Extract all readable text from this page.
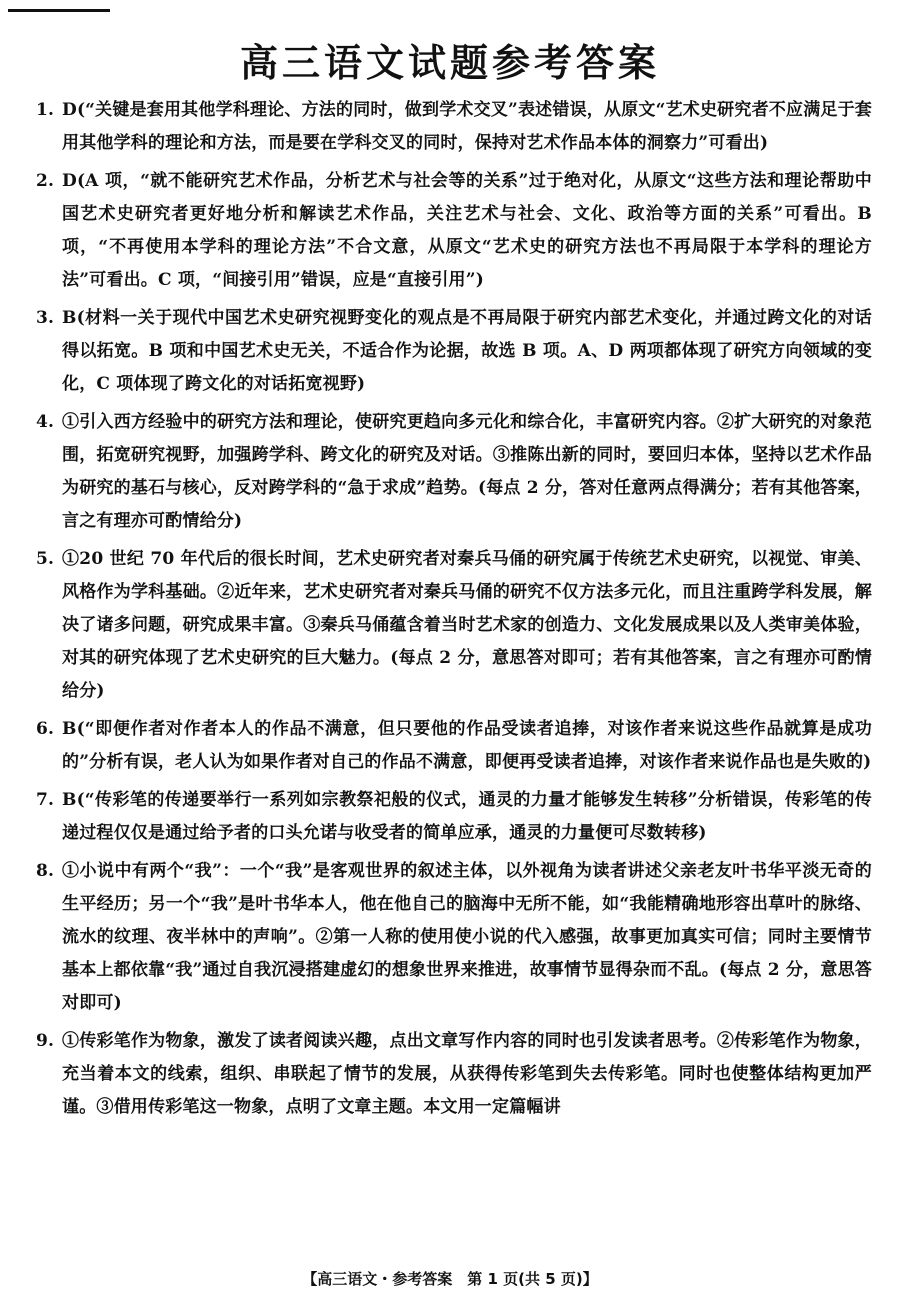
高三语文试题参考答案
1. D(“关键是套用其他学科理论、方法的同时，做到学术交叉”表述错误，从原文“艺术史研究者不应满足于套用其他学科的理论和方法，而是要在学科交叉的同时，保持对艺术作品本体的洞察力”可看出)
2. D(A 项，“就不能研究艺术作品，分析艺术与社会等的关系”过于绝对化，从原文“这些方法和理论帮助中国艺术史研究者更好地分析和解读艺术作品，关注艺术与社会、文化、政治等方面的关系”可看出。B 项，“不再使用本学科的理论方法”不合文意，从原文“艺术史的研究方法也不再局限于本学科的理论方法”可看出。C 项，“间接引用”错误，应是“直接引用”)
3. B(材料一关于现代中国艺术史研究视野变化的观点是不再局限于研究内部艺术变化，并通过跨文化的对话得以拓宽。B 项和中国艺术史无关，不适合作为论据，故选 B 项。A、D 两项都体现了研究方向领域的变化，C 项体现了跨文化的对话拓宽视野)
4. ①引入西方经验中的研究方法和理论，使研究更趋向多元化和综合化，丰富研究内容。②扩大研究的对象范围，拓宽研究视野，加强跨学科、跨文化的研究及对话。③推陈出新的同时，要回归本体，坚持以艺术作品为研究的基石与核心，反对跨学科的“急于求成”趋势。(每点 2 分，答对任意两点得满分；若有其他答案，言之有理亦可酌情给分)
5. ①20 世纪 70 年代后的很长时间，艺术史研究者对秦兵马俑的研究属于传统艺术史研究，以视觉、审美、风格作为学科基础。②近年来，艺术史研究者对秦兵马俑的研究不仅方法多元化，而且注重跨学科发展，解决了诸多问题，研究成果丰富。③秦兵马俑蕴含着当时艺术家的创造力、文化发展成果以及人类审美体验，对其的研究体现了艺术史研究的巨大魅力。(每点 2 分，意思答对即可；若有其他答案，言之有理亦可酌情给分)
6. B(“即便作者对作者本人的作品不满意，但只要他的作品受读者追捧，对该作者来说这些作品就算是成功的”分析有误，老人认为如果作者对自己的作品不满意，即便再受读者追捧，对该作者来说作品也是失败的)
7. B(“传彩笔的传递要举行一系列如宗教祭祀般的仪式，通灵的力量才能够发生转移”分析错误，传彩笔的传递过程仅仅是通过给予者的口头允诺与收受者的简单应承，通灵的力量便可尽数转移)
8. ①小说中有两个“我”：一个“我”是客观世界的叙述主体，以外视角为读者讲述父亲老友叶书华平淡无奇的生平经历；另一个“我”是叶书华本人，他在他自己的脑海中无所不能，如“我能精确地形容出草叶的脉络、流水的纹理、夜半林中的声响”。②第一人称的使用使小说的代入感强，故事更加真实可信；同时主要情节基本上都依靠“我”通过自我沉浸搭建虚幻的想象世界来推进，故事情节显得杂而不乱。(每点 2 分，意思答对即可)
9. ①传彩笔作为物象，激发了读者阅读兴趣，点出文章写作内容的同时也引发读者思考。②传彩笔作为物象，充当着本文的线索，组织、串联起了情节的发展，从获得传彩笔到失去传彩笔。同时也使整体结构更加严谨。③借用传彩笔这一物象，点明了文章主题。本文用一定篇幅讲
【高三语文・参考答案　第 1 页(共 5 页)】
